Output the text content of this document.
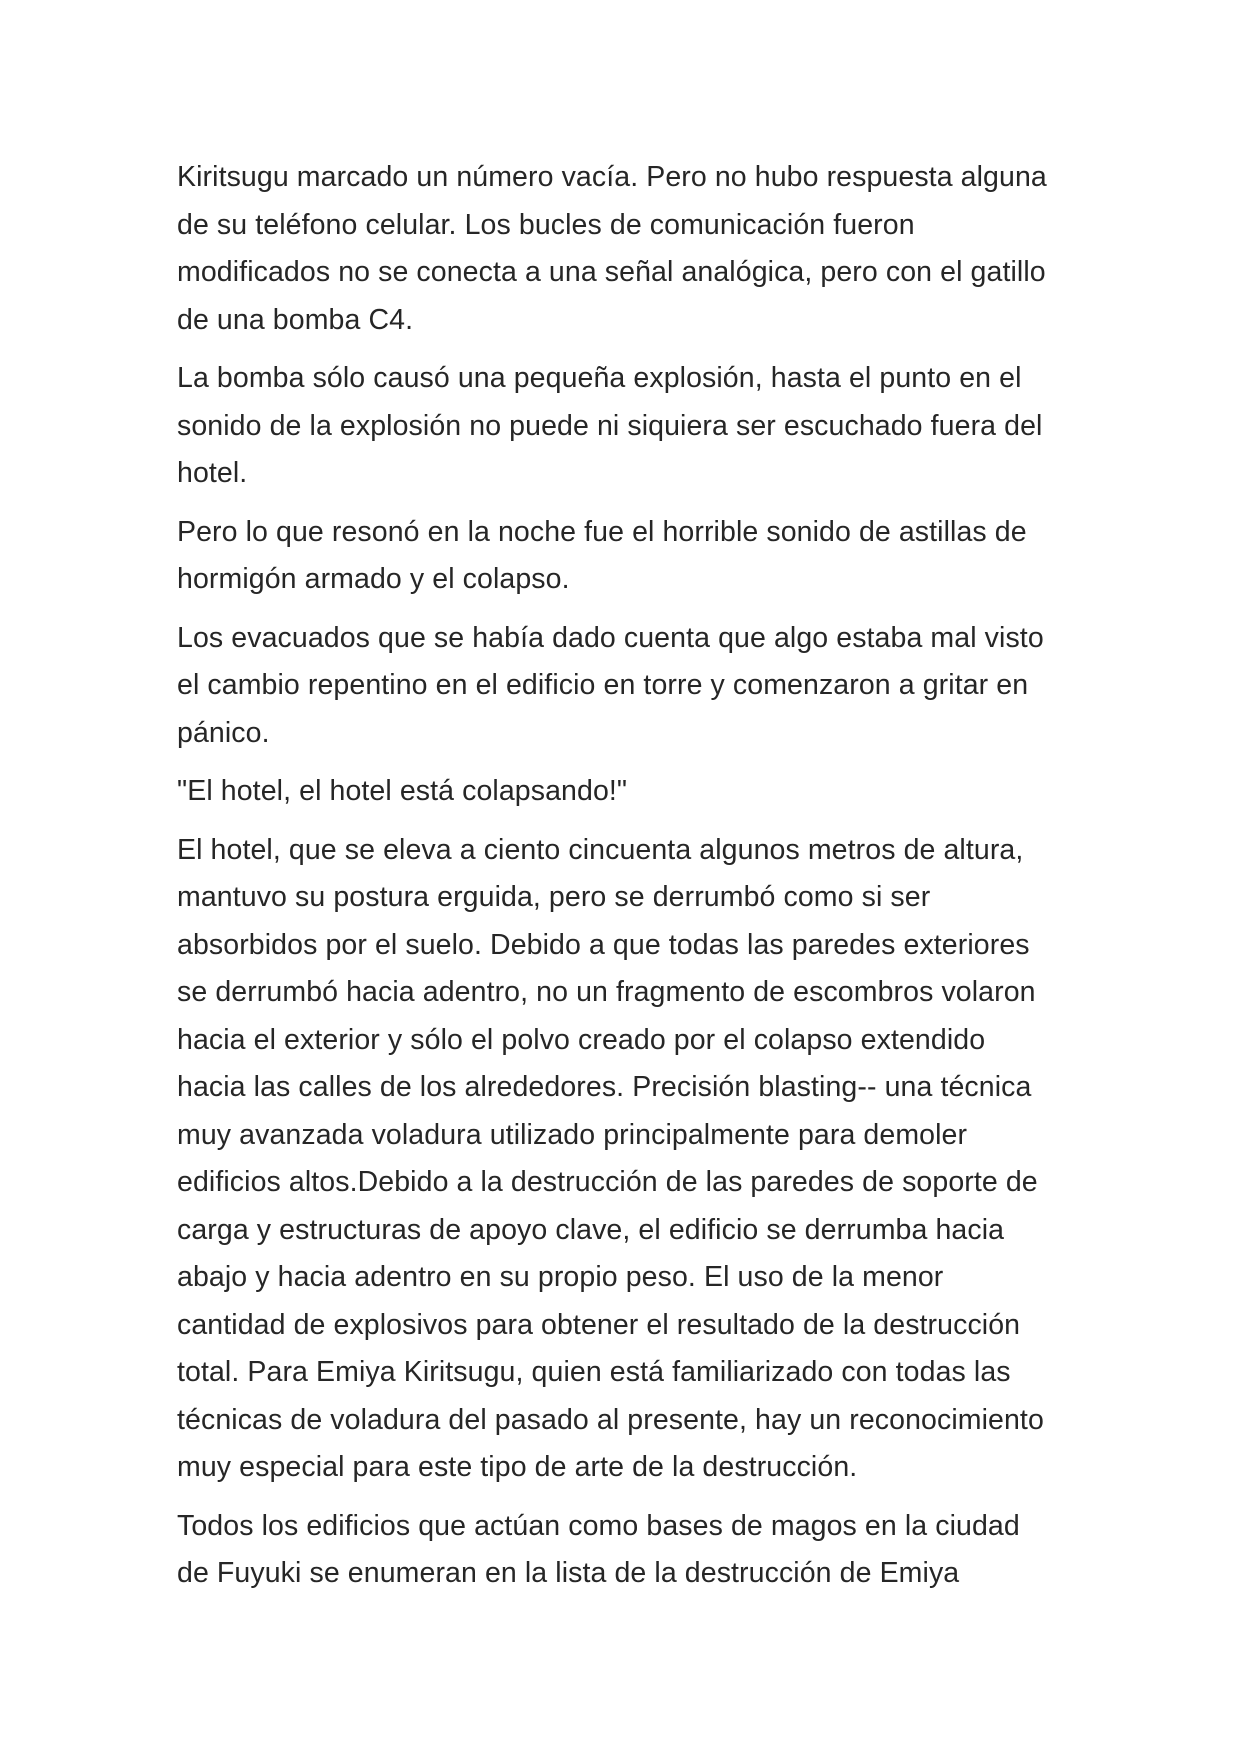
Kiritsugu marcado un número vacía. Pero no hubo respuesta alguna
de su teléfono celular. Los bucles de comunicación fueron
modificados no se conecta a una señal analógica, pero con el gatillo
de una bomba C4.

La bomba sólo causó una pequeña explosión, hasta el punto en el
sonido de la explosión no puede ni siquiera ser escuchado fuera del
hotel.

Pero lo que resonó en la noche fue el horrible sonido de astillas de
hormigón armado y el colapso.

Los evacuados que se había dado cuenta que algo estaba mal visto
el cambio repentino en el edificio en torre y comenzaron a gritar en
pánico.

"El hotel, el hotel está colapsando!"

El hotel, que se eleva a ciento cincuenta algunos metros de altura,
mantuvo su postura erguida, pero se derrumbó como si ser
absorbidos por el suelo. Debido a que todas las paredes exteriores
se derrumbó hacia adentro, no un fragmento de escombros volaron
hacia el exterior y sólo el polvo creado por el colapso extendido
hacia las calles de los alrededores. Precisión blasting-- una técnica
muy avanzada voladura utilizado principalmente para demoler
edificios altos.Debido a la destrucción de las paredes de soporte de
carga y estructuras de apoyo clave, el edificio se derrumba hacia
abajo y hacia adentro en su propio peso. El uso de la menor
cantidad de explosivos para obtener el resultado de la destrucción
total. Para Emiya Kiritsugu, quien está familiarizado con todas las
técnicas de voladura del pasado al presente, hay un reconocimiento
muy especial para este tipo de arte de la destrucción.

Todos los edificios que actúan como bases de magos en la ciudad
de Fuyuki se enumeran en la lista de la destrucción de Emiya
